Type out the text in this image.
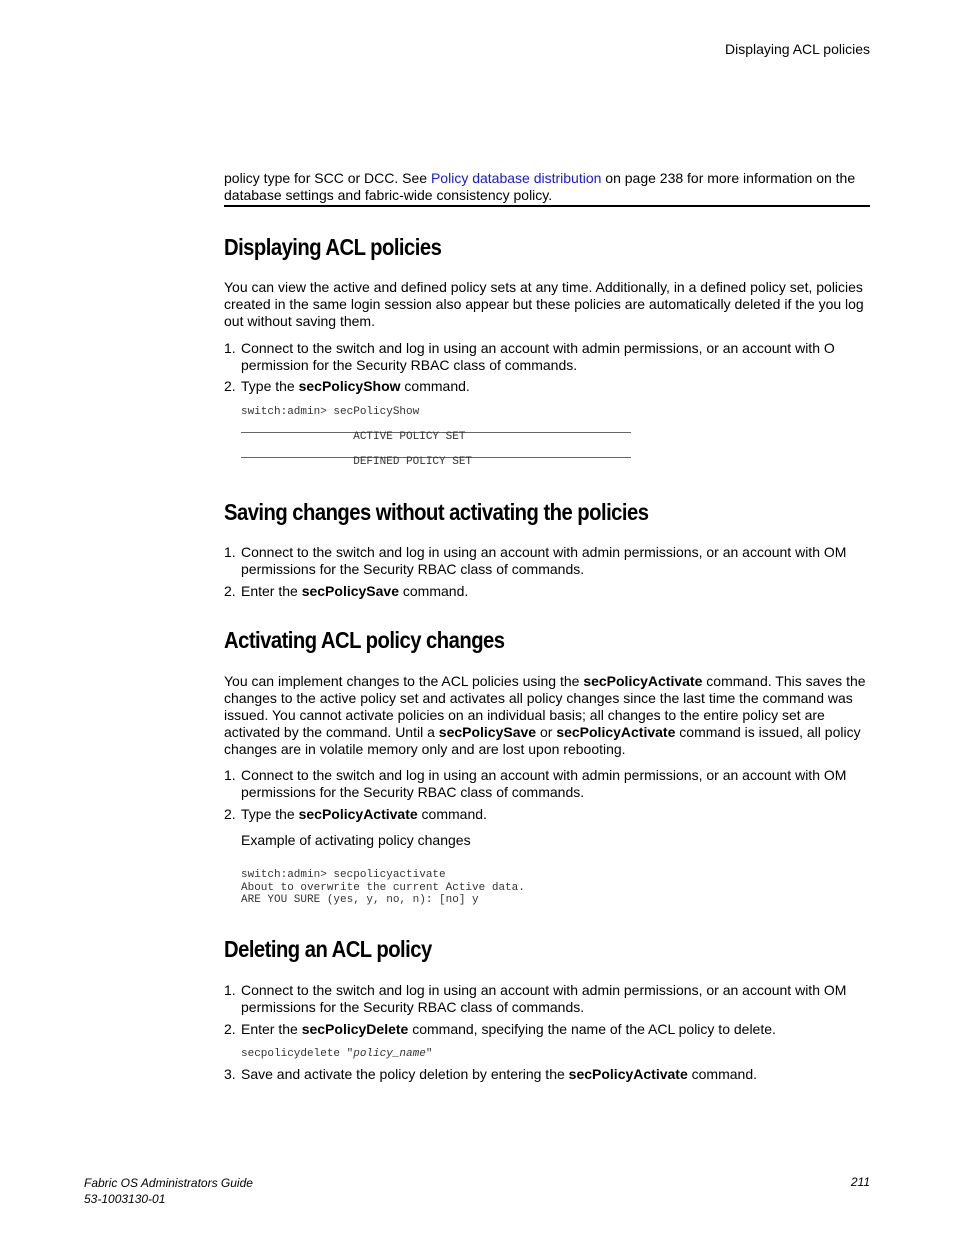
Displaying ACL policies

policy type for SCC or DCC. See Policy database distribution on page 238 for more information on the database settings and fabric-wide consistency policy.

Displaying ACL policies

You can view the active and defined policy sets at any time. Additionally, in a defined policy set, policies created in the same login session also appear but these policies are automatically deleted if the you log out without saving them.

1. Connect to the switch and log in using an account with admin permissions, or an account with O permission for the Security RBAC class of commands.
2. Type the secPolicyShow command.
switch:admin> secPolicyShow
ACTIVE POLICY SET
DEFINED POLICY SET
Saving changes without activating the policies
1. Connect to the switch and log in using an account with admin permissions, or an account with OM permissions for the Security RBAC class of commands.
2. Enter the secPolicySave command.
Activating ACL policy changes

You can implement changes to the ACL policies using the secPolicyActivate command. This saves the changes to the active policy set and activates all policy changes since the last time the command was issued. You cannot activate policies on an individual basis; all changes to the entire policy set are activated by the command. Until a secPolicySave or secPolicyActivate command is issued, all policy changes are in volatile memory only and are lost upon rebooting.

1. Connect to the switch and log in using an account with admin permissions, or an account with OM permissions for the Security RBAC class of commands.
2. Type the secPolicyActivate command.
Example of activating policy changes
switch:admin> secpolicyactivate
About to overwrite the current Active data.
ARE YOU SURE (yes, y, no, n): [no] y
Deleting an ACL policy
1. Connect to the switch and log in using an account with admin permissions, or an account with OM permissions for the Security RBAC class of commands.
2. Enter the secPolicyDelete command, specifying the name of the ACL policy to delete.
secpolicydelete "policy_name"
3. Save and activate the policy deletion by entering the secPolicyActivate command.
Fabric OS Administrators Guide
53-1003130-01
211
